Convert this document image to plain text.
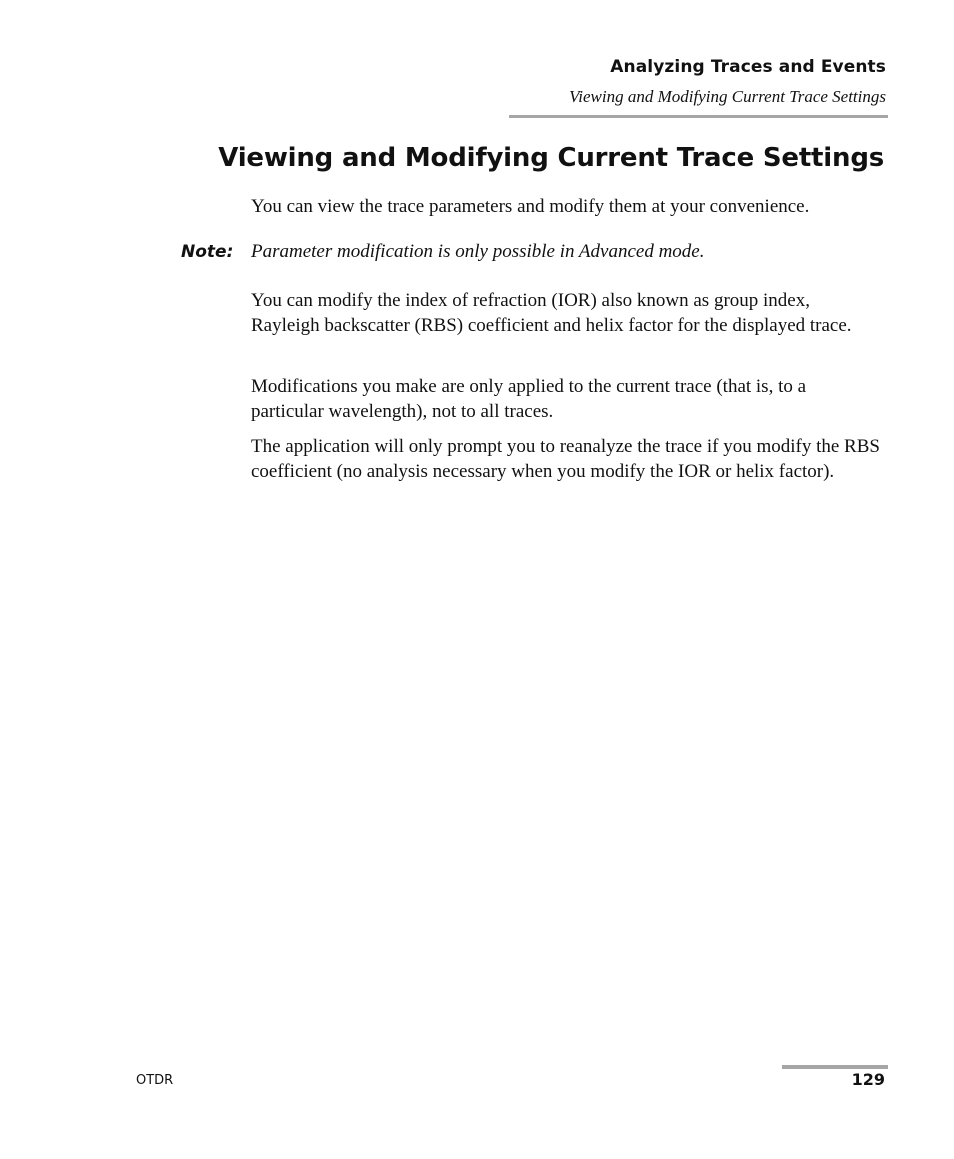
Analyzing Traces and Events
Viewing and Modifying Current Trace Settings
Viewing and Modifying Current Trace Settings

You can view the trace parameters and modify them at your convenience.

Note: Parameter modification is only possible in Advanced mode.

You can modify the index of refraction (IOR) also known as group index, Rayleigh backscatter (RBS) coefficient and helix factor for the displayed trace.

Modifications you make are only applied to the current trace (that is, to a particular wavelength), not to all traces.

The application will only prompt you to reanalyze the trace if you modify the RBS coefficient (no analysis necessary when you modify the IOR or helix factor).

OTDR	129
